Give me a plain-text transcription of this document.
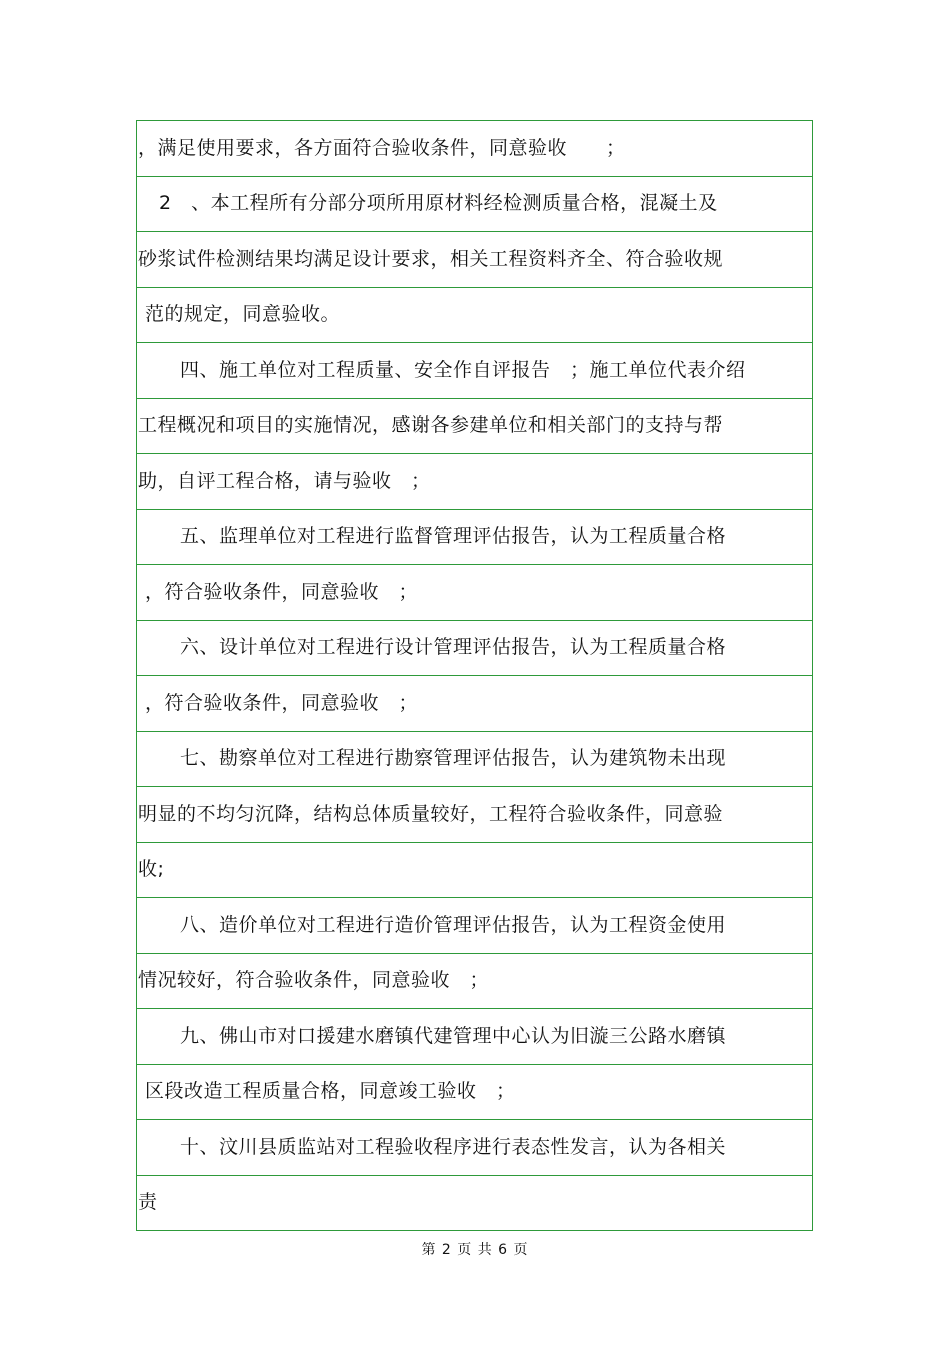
，满足使用要求，各方面符合验收条件，同意验收　　；
2　、本工程所有分部分项所用原材料经检测质量合格，混凝土及
砂浆试件检测结果均满足设计要求，相关工程资料齐全、符合验收规
范的规定，同意验收。
四、施工单位对工程质量、安全作自评报告　；施工单位代表介绍
工程概况和项目的实施情况，感谢各参建单位和相关部门的支持与帮
助，自评工程合格，请与验收　；
五、监理单位对工程进行监督管理评估报告，认为工程质量合格
，符合验收条件，同意验收　；
六、设计单位对工程进行设计管理评估报告，认为工程质量合格
，符合验收条件，同意验收　；
七、勘察单位对工程进行勘察管理评估报告，认为建筑物未出现
明显的不均匀沉降，结构总体质量较好，工程符合验收条件，同意验
收;
八、造价单位对工程进行造价管理评估报告，认为工程资金使用
情况较好，符合验收条件，同意验收　；
九、佛山市对口援建水磨镇代建管理中心认为旧漩三公路水磨镇
区段改造工程质量合格，同意竣工验收　；
十、汶川县质监站对工程验收程序进行表态性发言，认为各相关
责
第 2 页 共 6 页
